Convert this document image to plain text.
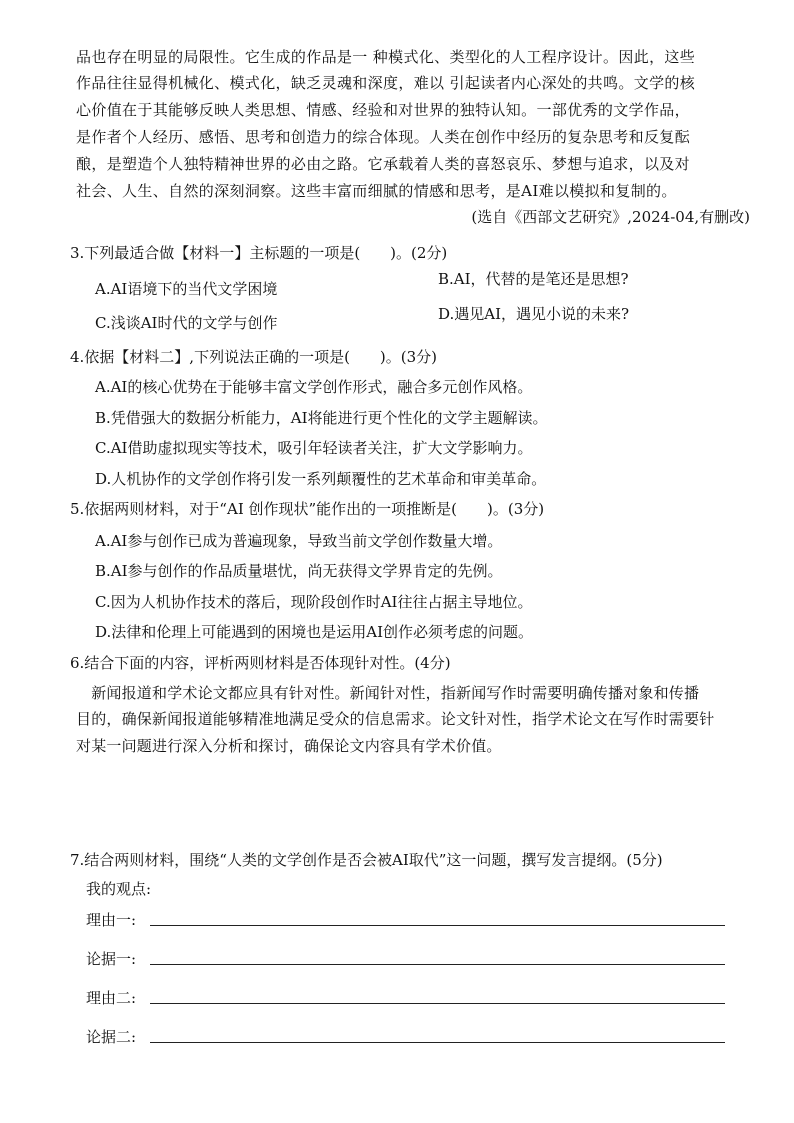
品也存在明显的局限性。它生成的作品是一 种模式化、类型化的人工程序设计。因此，这些
作品往往显得机械化、模式化，缺乏灵魂和深度，难以 引起读者内心深处的共鸣。文学的核
心价值在于其能够反映人类思想、情感、经验和对世界的独特认知。一部优秀的文学作品，
是作者个人经历、感悟、思考和创造力的综合体现。人类在创作中经历的复杂思考和反复酝
酿，是塑造个人独特精神世界的必由之路。它承载着人类的喜怒哀乐、梦想与追求，以及对
社会、人生、自然的深刻洞察。这些丰富而细腻的情感和思考，是AI难以模拟和复制的。
(选自《西部文艺研究》,2024-04,有删改)
3.下列最适合做【材料一】主标题的一项是(　　)。(2分)
B.AI，代替的是笔还是思想?
A.AI语境下的当代文学困境
D.遇见AI，遇见小说的未来?
C.浅谈AI时代的文学与创作
4.依据【材料二】,下列说法正确的一项是(　　)。(3分)
A.AI的核心优势在于能够丰富文学创作形式，融合多元创作风格。
B.凭借强大的数据分析能力，AI将能进行更个性化的文学主题解读。
C.AI借助虚拟现实等技术，吸引年轻读者关注，扩大文学影响力。
D.人机协作的文学创作将引发一系列颠覆性的艺术革命和审美革命。
5.依据两则材料，对于“AI 创作现状”能作出的一项推断是(　　)。(3分)
A.AI参与创作已成为普遍现象，导致当前文学创作数量大增。
B.AI参与创作的作品质量堪忧，尚无获得文学界肯定的先例。
C.因为人机协作技术的落后，现阶段创作时AI往往占据主导地位。
D.法律和伦理上可能遇到的困境也是运用AI创作必须考虑的问题。
6.结合下面的内容，评析两则材料是否体现针对性。(4分)
　新闻报道和学术论文都应具有针对性。新闻针对性，指新闻写作时需要明确传播对象和传播
目的，确保新闻报道能够精准地满足受众的信息需求。论文针对性，指学术论文在写作时需要针
对某一问题进行深入分析和探讨，确保论文内容具有学术价值。
7.结合两则材料，围绕“人类的文学创作是否会被AI取代”这一问题，撰写发言提纲。(5分)
我的观点:
理由一:
论据一:
理由二:
论据二:
